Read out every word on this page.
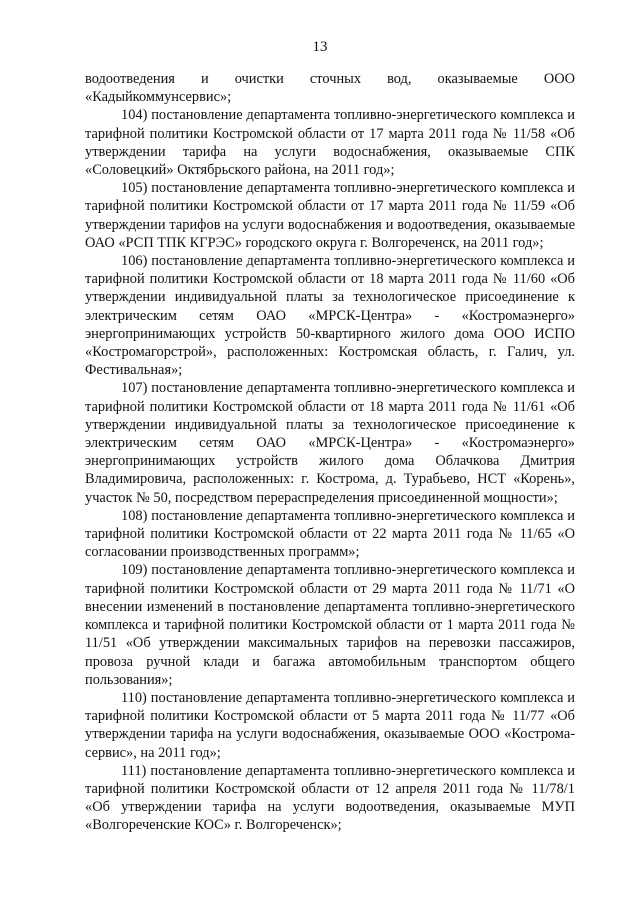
13

водоотведения и очистки сточных вод, оказываемые ООО «Кадыйкоммунсервис»;

104) постановление департамента топливно-энергетического комплекса и тарифной политики Костромской области от 17 марта 2011 года № 11/58 «Об утверждении тарифа на услуги водоснабжения, оказываемые СПК «Соловецкий» Октябрьского района, на 2011 год»;

105) постановление департамента топливно-энергетического комплекса и тарифной политики Костромской области от 17 марта 2011 года № 11/59 «Об утверждении тарифов на услуги водоснабжения и водоотведения, оказываемые ОАО «РСП ТПК КГРЭС» городского округа г. Волгореченск, на 2011 год»;

106) постановление департамента топливно-энергетического комплекса и тарифной политики Костромской области от 18 марта 2011 года № 11/60 «Об утверждении индивидуальной платы за технологическое присоединение к электрическим сетям ОАО «МРСК-Центра» - «Костромаэнерго» энергопринимающих устройств 50-квартирного жилого дома ООО ИСПО «Костромагорстрой», расположенных: Костромская область, г. Галич, ул. Фестивальная»;

107) постановление департамента топливно-энергетического комплекса и тарифной политики Костромской области от 18 марта 2011 года № 11/61 «Об утверждении индивидуальной платы за технологическое присоединение к электрическим сетям ОАО «МРСК-Центра» - «Костромаэнерго» энергопринимающих устройств жилого дома Облачкова Дмитрия Владимировича, расположенных: г. Кострома, д. Турабьево, НСТ «Корень», участок № 50, посредством перераспределения присоединенной мощности»;

108) постановление департамента топливно-энергетического комплекса и тарифной политики Костромской области от 22 марта 2011 года № 11/65 «О согласовании производственных программ»;

109) постановление департамента топливно-энергетического комплекса и тарифной политики Костромской области от 29 марта 2011 года № 11/71 «О внесении изменений в постановление департамента топливно-энергетического комплекса и тарифной политики Костромской области от 1 марта 2011 года № 11/51 «Об утверждении максимальных тарифов на перевозки пассажиров, провоза ручной клади и багажа автомобильным транспортом общего пользования»;

110) постановление департамента топливно-энергетического комплекса и тарифной политики Костромской области от 5 марта 2011 года № 11/77 «Об утверждении тарифа на услуги водоснабжения, оказываемые ООО «Кострома-сервис», на 2011 год»;

111) постановление департамента топливно-энергетического комплекса и тарифной политики Костромской области от 12 апреля 2011 года № 11/78/1 «Об утверждении тарифа на услуги водоотведения, оказываемые МУП «Волгореченские КОС» г. Волгореченск»;
